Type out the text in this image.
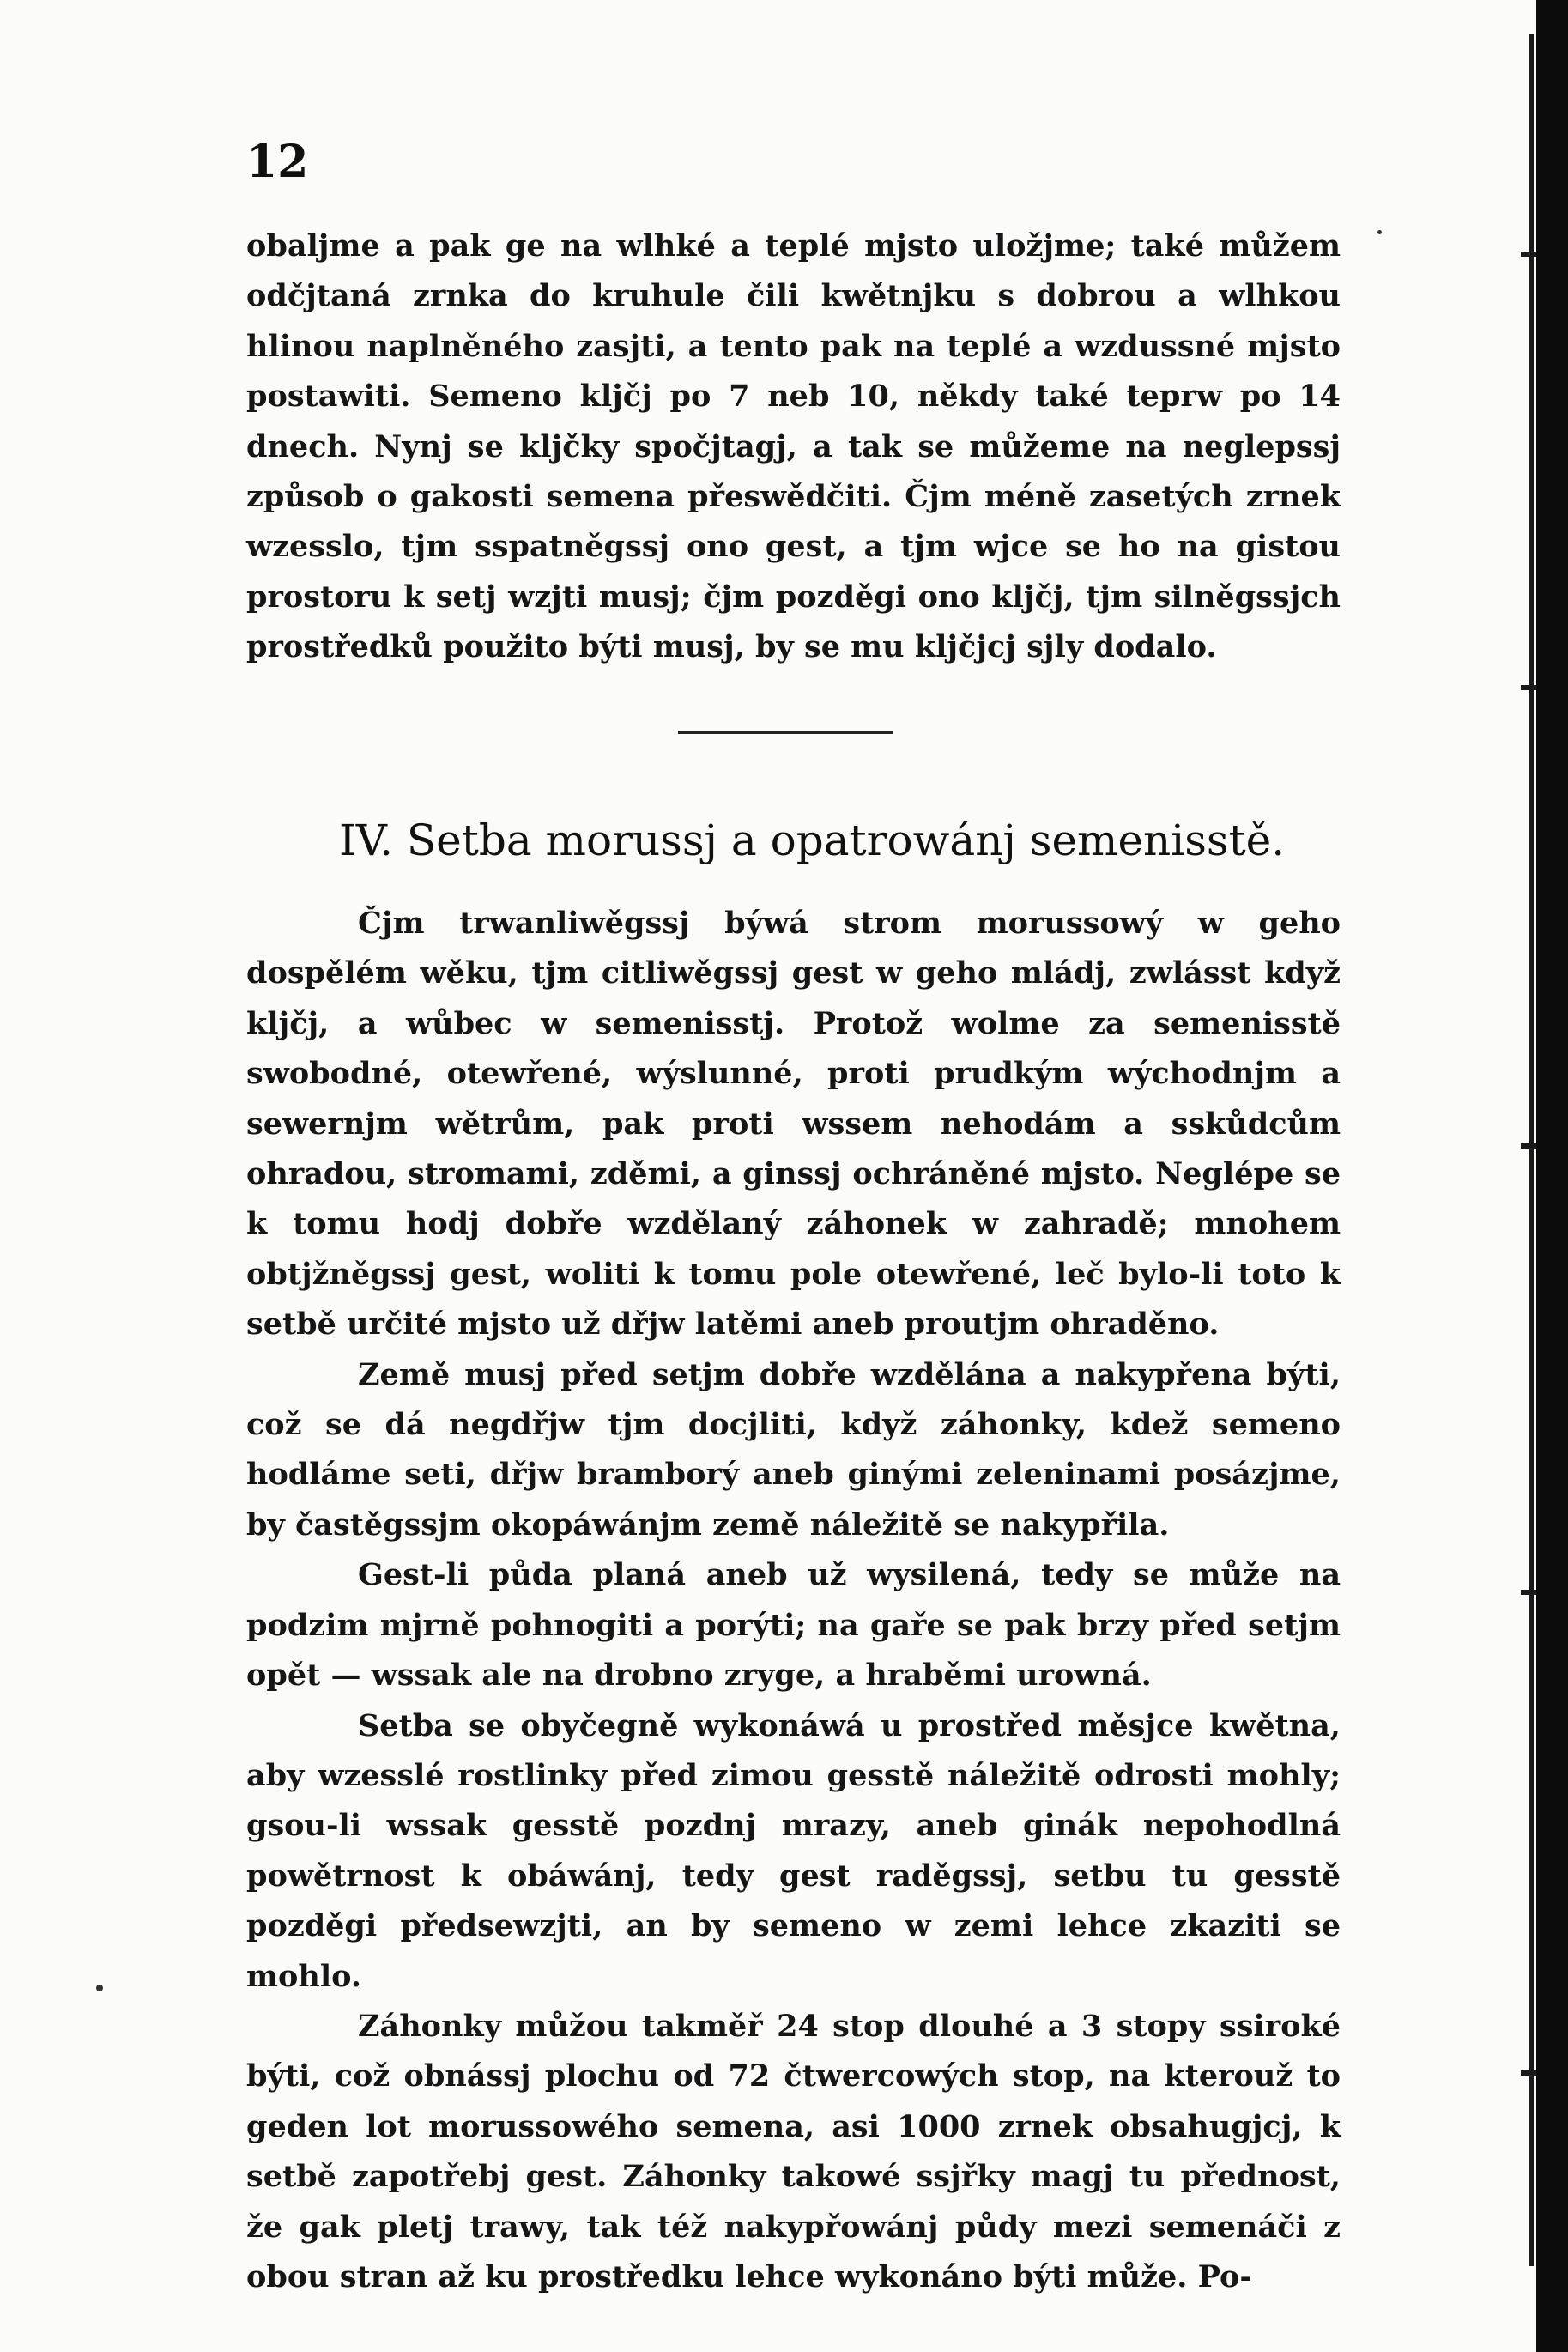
12

obaljme a pak ge na wlhké a teplé mjsto uložjme; také můžem odčjtaná zrnka do kruhule čili kwětnjku s dobrou a wlhkou hlinou naplněného zasjti, a tento pak na teplé a wzdussné mjsto postawiti. Semeno kljčj po 7 neb 10, někdy také teprw po 14 dnech. Nynj se kljčky spočjtagj, a tak se můžeme na neglepssj způsob o gakosti semena přeswědčiti. Čjm méně zasetých zrnek wzesslo, tjm sspatněgssj ono gest, a tjm wjce se ho na gistou prostoru k setj wzjti musj; čjm pozděgi ono kljčj, tjm silněgssjch prostředků použito býti musj, by se mu kljčjcj sjly dodalo.

IV. Setba morussj a opatrowánj semenisstě.

Čjm trwanliwěgssj býwá strom morussowý w geho dospělém wěku, tjm citliwěgssj gest w geho mládj, zwlásst když kljčj, a wůbec w semenisstj. Protož wolme za semenisstě swobodné, otewřené, wýslunné, proti prudkým wýchodnjm a sewernjm wětrům, pak proti wssem nehodám a sskůdcům ohradou, stromami, zděmi, a ginssj ochráněné mjsto. Neglépe se k tomu hodj dobře wzdělaný záhonek w zahradě; mnohem obtjžněgssj gest, woliti k tomu pole otewřené, leč bylo-li toto k setbě určité mjsto už dřjw latěmi aneb proutjm ohraděno.

Země musj před setjm dobře wzdělána a nakypřena býti, což se dá negdřjw tjm docjliti, když záhonky, kdež semeno hodláme seti, dřjw bramborý aneb ginými zeleninami posázjme, by častěgssjm okopáwánjm země náležitě se nakypřila.

Gest-li půda planá aneb už wysilená, tedy se může na podzim mjrně pohnogiti a porýti; na gaře se pak brzy před setjm opět — wssak ale na drobno zryge, a hraběmi urowná.

Setba se obyčegně wykonáwá u prostřed měsjce kwětna, aby wzesslé rostlinky před zimou gesstě náležitě odrosti mohly; gsou-li wssak gesstě pozdnj mrazy, aneb ginák nepohodlná powětrnost k obáwánj, tedy gest raděgssj, setbu tu gesstě pozděgi předsewzjti, an by semeno w zemi lehce zkaziti se mohlo.

Záhonky můžou takměř 24 stop dlouhé a 3 stopy ssiroké býti, což obnássj plochu od 72 čtwercowých stop, na kterouž to geden lot morussowého semena, asi 1000 zrnek obsahugjcj, k setbě zapotřebj gest. Záhonky takowé ssjřky magj tu přednost, že gak pletj trawy, tak též nakypřowánj půdy mezi semenáči z obou stran až ku prostředku lehce wykonáno býti může. Po-
